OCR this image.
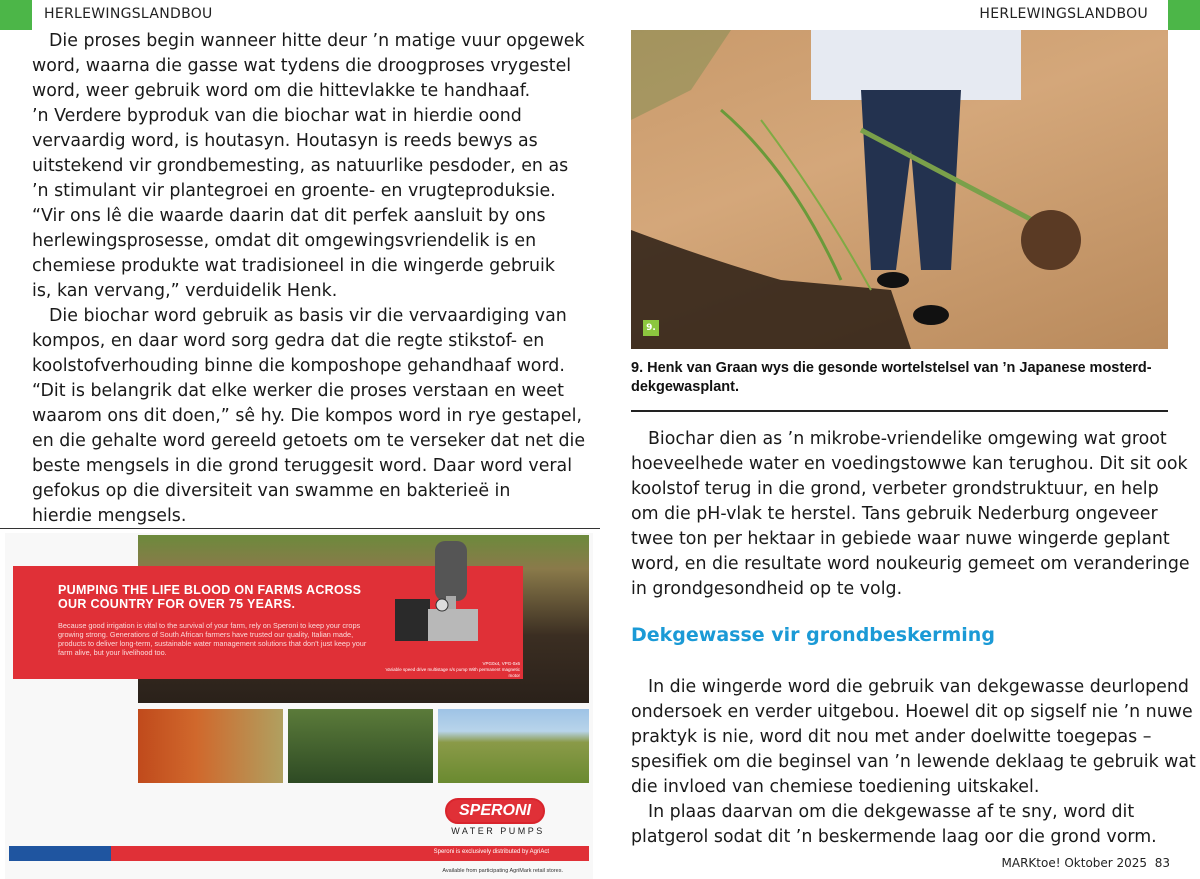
HERLEWINGSLANDBOU	HERLEWINGSLANDBOU
Die proses begin wanneer hitte deur ’n matige vuur opgewek
word, waarna die gasse wat tydens die droogproses vrygestel
word, weer gebruik word om die hittevlakke te handhaaf.
’n Verdere byproduk van die biochar wat in hierdie oond
vervaardig word, is houtasyn. Houtasyn is reeds bewys as
uitstekend vir grondbemesting, as natuurlike pesdoder, en as
’n stimulant vir plantegroei en groente- en vrugteproduksie.
“Vir ons lê die waarde daarin dat dit perfek aansluit by ons
herlewingsprosesse, omdat dit omgewingsvriendelik is en
chemiese produkte wat tradisioneel in die wingerde gebruik
is, kan vervang,” verduidelik Henk.
Die biochar word gebruik as basis vir die vervaardiging van
kompos, en daar word sorg gedra dat die regte stikstof- en
koolstofverhouding binne die komposhope gehandhaaf word.
“Dit is belangrik dat elke werker die proses verstaan en weet
waarom ons dit doen,” sê hy. Die kompos word in rye gestapel,
en die gehalte word gereeld getoets om te verseker dat net die
beste mengsels in die grond teruggesit word. Daar word veral
gefokus op die diversiteit van swamme en bakterieë in
hierdie mengsels.
PUMPING THE LIFE BLOOD ON FARMS ACROSS
OUR COUNTRY FOR OVER 75 YEARS.
Because good irrigation is vital to the survival of your farm, rely on Speroni to keep your crops growing strong. Generations of South African farmers have trusted our quality, Italian made, products to deliver long-term, sustainable water management solutions that don’t just keep your farm alive, but your livelihood too.
VPG0x4, VPG-0x6
Variable speed drive multistage s/s pump With permanent magnetic motor
SPERONI
WATER PUMPS
Speroni is exclusively distributed by AgriAct
Available from participating AgriMark retail stores.
9.
9. Henk van Graan wys die gesonde wortelstelsel van ’n Japanese mosterd-dekgewasplant.
Biochar dien as ’n mikrobe-vriendelike omgewing wat groot
hoeveelhede water en voedingstowwe kan terughou. Dit sit ook
koolstof terug in die grond, verbeter grondstruktuur, en help
om die pH-vlak te herstel. Tans gebruik Nederburg ongeveer
twee ton per hektaar in gebiede waar nuwe wingerde geplant
word, en die resultate word noukeurig gemeet om veranderinge
in grondgesondheid op te volg.
Dekgewasse vir grondbeskerming
In die wingerde word die gebruik van dekgewasse deurlopend
ondersoek en verder uitgebou. Hoewel dit op sigself nie ’n nuwe
praktyk is nie, word dit nou met ander doelwitte toegepas –
spesifiek om die beginsel van ’n lewende deklaag te gebruik wat
die invloed van chemiese toediening uitskakel.
In plaas daarvan om die dekgewasse af te sny, word dit
platgerol sodat dit ’n beskermende laag oor die grond vorm.
MARKtoe! Oktober 2025 83
